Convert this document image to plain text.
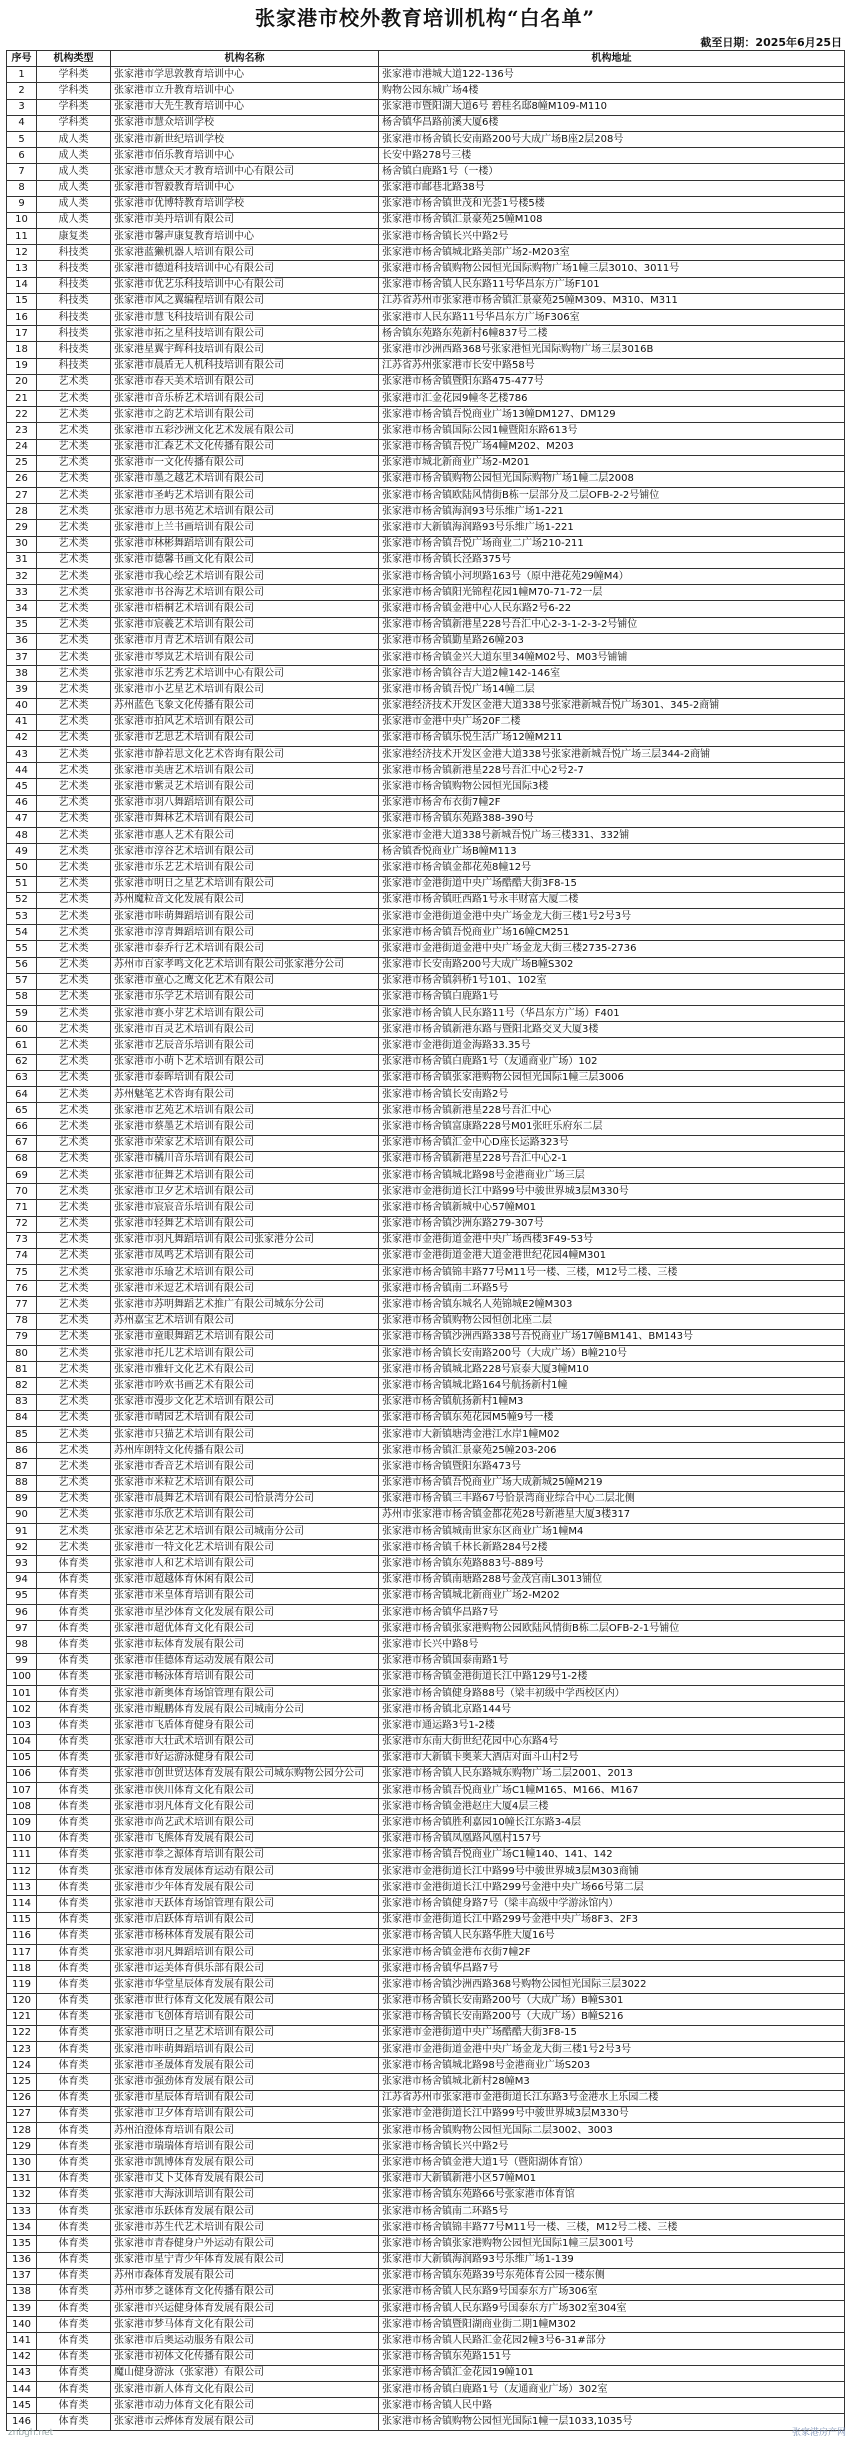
张家港市校外教育培训机构“白名单”
截至日期：2025年6月25日
序号	机构类型	机构名称	机构地址
1	学科类	张家港市学思敦教育培训中心	张家港市港城大道122-136号
2	学科类	张家港市立升教育培训中心	购物公园东城广场4楼
3	学科类	张家港市大先生教育培训中心	张家港市暨阳湖大道6号 碧桂名邸8幢M109-M110
4	学科类	张家港市慧众培训学校	杨舍镇华昌路前溪大厦6楼
5	成人类	张家港市新世纪培训学校	张家港市杨舍镇长安南路200号大成广场B座2层208号
6	成人类	张家港市佰乐教育培训中心	长安中路278号三楼
7	成人类	张家港市慧众天才教育培训中心有限公司	杨舍镇白鹿路1号（一楼）
8	成人类	张家港市智毅教育培训中心	张家港市邮巷北路38号
9	成人类	张家港市优博特教育培训学校	张家港市杨舍镇世茂和光荟1号楼5楼
10	成人类	张家港市美丹培训有限公司	张家港市杨舍镇汇景豪苑25幢M108
11	康复类	张家港市馨声康复教育培训中心	张家港市杨舍镇长兴中路2号
12	科技类	张家港蓝獭机器人培训有限公司	张家港市杨舍镇城北路美部广场2-M203室
13	科技类	张家港市德道科技培训中心有限公司	张家港市杨舍镇购物公园恒光国际购物广场1幢三层3010、3011号
14	科技类	张家港市优艺乐科技培训中心有限公司	张家港市杨舍镇人民东路11号华昌东方广场F101
15	科技类	张家港市风之翼编程培训有限公司	江苏省苏州市张家港市杨舍镇汇景豪苑25幢M309、M310、M311
16	科技类	张家港市慧飞科技培训有限公司	张家港市人民东路11号华昌东方广场F306室
17	科技类	张家港市拓之星科技培训有限公司	杨舍镇东苑路东苑新村6幢837号二楼
18	科技类	张家港星翼宇辉科技培训有限公司	张家港市沙洲西路368号张家港恒光国际购物广场三层3016B
19	科技类	张家港市晨盾无人机科技培训有限公司	江苏省苏州张家港市长安中路58号
20	艺术类	张家港市春天美术培训有限公司	张家港市杨舍镇暨阳东路475-477号
21	艺术类	张家港市音乐桥艺术培训有限公司	张家港市汇金花园9幢冬艺楼786
22	艺术类	张家港市之韵艺术培训有限公司	张家港市杨舍镇吾悦商业广场13幢DM127、DM129
23	艺术类	张家港市五彩沙洲文化艺术发展有限公司	张家港市杨舍镇国际公园1幢暨阳东路613号
24	艺术类	张家港市汇森艺术文化传播有限公司	张家港市杨舍镇吾悦广场4幢M202、M203
25	艺术类	张家港市一文化传播有限公司	张家港市城北新商业广场2-M201
26	艺术类	张家港市墨之越艺术培训有限公司	张家港市杨舍镇购物公园恒光国际购物广场1幢二层2008
27	艺术类	张家港市圣屿艺术培训有限公司	张家港市杨舍镇欧陆风情街B栋一层部分及二层OFB-2-2号铺位
28	艺术类	张家港市力思书苑艺术培训有限公司	张家港市杨舍镇海润93号乐维广场1-221
29	艺术类	张家港市上兰书画培训有限公司	张家港市大新镇海润路93号乐维广场1-221
30	艺术类	张家港市林彬舞蹈培训有限公司	张家港市杨舍镇吾悦广场商业二广场210-211
31	艺术类	张家港市德馨书画文化有限公司	张家港市杨舍镇长泾路375号
32	艺术类	张家港市我心绘艺术培训有限公司	张家港市杨舍镇小河坝路163号（原中港花苑29幢M4）
33	艺术类	张家港市书谷海艺术培训有限公司	张家港市杨舍镇阳光锦程花园1幢M70-71-72一层
34	艺术类	张家港市梧桐艺术培训有限公司	张家港市杨舍镇金港中心人民东路2号6-22
35	艺术类	张家港市宸羲艺术培训有限公司	张家港市杨舍镇新港星228号吾汇中心2-3-1-2-3-2号铺位
36	艺术类	张家港市月青艺术培训有限公司	张家港市杨舍镇勤星路26幢203
37	艺术类	张家港市琴岚艺术培训有限公司	张家港市杨舍镇金兴大道东里34幢M02号、M03号铺铺
38	艺术类	张家港市乐艺秀艺术培训中心有限公司	张家港市杨舍镇谷吉大道2幢142-146室
39	艺术类	张家港市小艺星艺术培训有限公司	张家港市杨舍镇吾悦广场14幢二层
40	艺术类	苏州蓝色飞象文化传播有限公司	张家港经济技术开发区金港大道338号张家港新城吾悦广场301、345-2商铺
41	艺术类	张家港市拍风艺术培训有限公司	张家港市金港中央广场20F二楼
42	艺术类	张家港市艺思艺术培训有限公司	张家港市杨舍镇乐悦生活广场12幢M211
43	艺术类	张家港市静若思文化艺术咨询有限公司	张家港经济技术开发区金港大道338号张家港新城吾悦广场三层344-2商铺
44	艺术类	张家港市美唐艺术培训有限公司	张家港市杨舍镇新港星228号吾汇中心2号2-7
45	艺术类	张家港市紫灵艺术培训有限公司	张家港市杨舍镇购物公园恒光国际3楼
46	艺术类	张家港市羽八舞蹈培训有限公司	张家港市杨舍布衣街7幢2F
47	艺术类	张家港市舞林艺术培训有限公司	张家港市杨舍镇东苑路388-390号
48	艺术类	张家港市惠人艺术有限公司	张家港市金港大道338号新城吾悦广场三楼331、332铺
49	艺术类	张家港市淳谷艺术培训有限公司	杨舍镇香悦商业广场B幢M113
50	艺术类	张家港市乐艺艺术培训有限公司	张家港市杨舍镇金都花苑8幢12号
51	艺术类	张家港市明日之星艺术培训有限公司	张家港市金港街道中央广场酷酷大街3F8-15
52	艺术类	苏州魔粒音文化发展有限公司	张家港市杨舍镇旺西路1号永丰财富大厦二楼
53	艺术类	张家港市咔萌舞蹈培训有限公司	张家港市金港街道金港中央广场金龙大街三楼1号2号3号
54	艺术类	张家港市淳青舞蹈培训有限公司	张家港市杨舍镇吾悦商业广场16幢CM251
55	艺术类	张家港市泰乔行艺术培训有限公司	张家港市金港街道金港中央广场金龙大街三楼2735-2736
56	艺术类	苏州市百家孝鸣文化艺术培训有限公司张家港分公司	张家港市长安南路200号大成广场B幢S302
57	艺术类	张家港市童心之鹰文化艺术有限公司	张家港市杨舍镇斜桥1号101、102室
58	艺术类	张家港市乐学艺术培训有限公司	张家港市杨舍镇白鹿路1号
59	艺术类	张家港市赛小芽艺术培训有限公司	张家港市杨舍镇人民东路11号（华昌东方广场）F401
60	艺术类	张家港市百灵艺术培训有限公司	张家港市杨舍镇新港东路与暨阳北路交叉大厦3楼
61	艺术类	张家港市艺辰音乐培训有限公司	张家港市金港街道金海路33.35号
62	艺术类	张家港市小萌卜艺术培训有限公司	张家港市杨舍镇白鹿路1号（友通商业广场）102
63	艺术类	张家港市泰晖培训有限公司	张家港市杨舍镇张家港购物公园恒光国际1幢三层3006
64	艺术类	苏州魅笔艺术咨询有限公司	张家港市杨舍镇长安南路2号
65	艺术类	张家港市艺苑艺术培训有限公司	张家港市杨舍镇新港星228号吾汇中心
66	艺术类	张家港市蔡墨艺术培训有限公司	张家港市杨舍镇富康路228号M01张旺乐府东二层
67	艺术类	张家港市荣家艺术培训有限公司	张家港市杨舍镇汇金中心D座长运路323号
68	艺术类	张家港市橘川音乐培训有限公司	张家港市杨舍镇新港星228号吾汇中心2-1
69	艺术类	张家港市征舞艺术培训有限公司	张家港市杨舍镇城北路98号金港商业广场三层
70	艺术类	张家港市卫夕艺术培训有限公司	张家港市金港街道长江中路99号中骏世界城3层M330号
71	艺术类	张家港市宸宸音乐培训有限公司	张家港市杨舍镇新城中心57幢M01
72	艺术类	张家港市轻舞艺术培训有限公司	张家港市杨舍镇沙洲东路279-307号
73	艺术类	张家港市羽凡舞蹈培训有限公司张家港分公司	张家港市金港街道金港中央广场西楼3F49-53号
74	艺术类	张家港市凤鸣艺术培训有限公司	张家港市金港街道金港大道金港世纪花园4幢M301
75	艺术类	张家港市乐瑜艺术培训有限公司	张家港市杨舍镇锦丰路77号M11号一楼、三楼，M12号二楼、三楼
76	艺术类	张家港市米逗艺术培训有限公司	张家港市杨舍镇南二环路5号
77	艺术类	张家港市苏明舞蹈艺术推广有限公司城东分公司	张家港市杨舍镇东城名人苑锦城E2幢M303
78	艺术类	苏州嘉宝艺术培训有限公司	张家港市杨舍镇购物公园恒创北座二层
79	艺术类	张家港市童眼舞蹈艺术培训有限公司	张家港市杨舍镇沙洲西路338号吾悦商业广场17幢BM141、BM143号
80	艺术类	张家港市托儿艺术培训有限公司	张家港市杨舍镇长安南路200号（大成广场）B幢210号
81	艺术类	张家港市雅轩文化艺术有限公司	张家港市杨舍镇城北路228号宸泰大厦3幢M10
82	艺术类	张家港市吟欢书画艺术有限公司	张家港市杨舍镇城北路164号航扬新村1幢
83	艺术类	张家港市漫步文化艺术培训有限公司	张家港市杨舍镇航扬新村1幢M3
84	艺术类	张家港市晴园艺术培训有限公司	张家港市杨舍镇东苑花园M5幢9号一楼
85	艺术类	张家港市只猫艺术培训有限公司	张家港市大新镇塘湾金港江水岸1幢M02
86	艺术类	苏州库朗特文化传播有限公司	张家港市杨舍镇汇景豪苑25幢203-206
87	艺术类	张家港市香音艺术培训有限公司	张家港市杨舍镇暨阳东路473号
88	艺术类	张家港市米粒艺术培训有限公司	张家港市杨舍镇吾悦商业广场大成新城25幢M219
89	艺术类	张家港市晨舞艺术培训有限公司恰景湾分公司	张家港市杨舍镇三丰路67号恰景湾商业综合中心二层北侧
90	艺术类	张家港市乐欣艺术培训有限公司	苏州市张家港市杨舍镇金都花苑28号新港星大厦3楼317
91	艺术类	张家港市朵艺艺术培训有限公司城南分公司	张家港市杨舍镇城南世家东区商业广场1幢M4
92	艺术类	张家港市一特文化艺术培训有限公司	张家港市杨舍镇千林长新路284号2楼
93	体育类	张家港市人和艺术培训有限公司	张家港市杨舍镇东苑路883号-889号
94	体育类	张家港市超越体育休闲有限公司	张家港市杨舍镇南塘路288号金茂宫南L3013铺位
95	体育类	张家港市米皇体育培训有限公司	张家港市杨舍镇城北新商业广场2-M202
96	体育类	张家港市星沙体育文化发展有限公司	张家港市杨舍镇华昌路7号
97	体育类	张家港市超优体育文化有限公司	张家港市杨舍镇张家港购物公园欧陆风情街B栋二层OFB-2-1号铺位
98	体育类	张家港市耘体育发展有限公司	张家港市长兴中路8号
99	体育类	张家港市佳德体育运动发展有限公司	张家港市杨舍镇国泰南路1号
100	体育类	张家港市畅泳体育培训有限公司	张家港市杨舍镇金港街道长江中路129号1-2楼
101	体育类	张家港市新奥体育场馆管理有限公司	张家港市杨舍镇健身路88号（梁丰初级中学西校区内）
102	体育类	张家港市鲲鹏体育发展有限公司城南分公司	张家港市杨舍镇北京路144号
103	体育类	张家港市飞盾体育健身有限公司	张家港市通运路3号1-2楼
104	体育类	张家港市大壮武术培训有限公司	张家港市东南大街世纪花园中心东路4号
105	体育类	张家港市好运游泳健身有限公司	张家港市大新镇卡奥莱大酒店对面斗山村2号
106	体育类	张家港市创世贸达体育发展有限公司城东购物公园分公司	张家港市杨舍镇人民东路城东购物广场二层2001、2013
107	体育类	张家港市侠川体育文化有限公司	张家港市杨舍镇吾悦商业广场C1幢M165、M166、M167
108	体育类	张家港市羽凡体育文化有限公司	张家港市杨舍镇金港赵庄大厦4层三楼
109	体育类	张家港市尚艺武术培训有限公司	张家港市杨舍镇胜利嘉园10幢长江东路3-4层
110	体育类	张家港市飞熊体育发展有限公司	张家港市杨舍镇凤凰路风凰村157号
111	体育类	张家港市拳之源体育培训有限公司	张家港市杨舍镇吾悦商业广场C1幢140、141、142
112	体育类	张家港市体育发展体育运动有限公司	张家港市金港街道长江中路99号中骏世界城3层M303商铺
113	体育类	张家港市少年体育发展有限公司	张家港市金港街道长江中路299号金港中央广场66号第二层
114	体育类	张家港市天跃体育场馆管理有限公司	张家港市杨舍镇健身路7号（梁丰高级中学游泳馆内）
115	体育类	张家港市启跃体育培训有限公司	张家港市金港街道长江中路299号金港中央广场8F3、2F3
116	体育类	张家港市杨林体育发展有限公司	张家港市杨舍镇人民东路华胜大厦16号
117	体育类	张家港市羽凡舞蹈培训有限公司	张家港市杨舍镇金港布衣街7幢2F
118	体育类	张家港市运美体育俱乐部有限公司	张家港市杨舍镇华昌路7号
119	体育类	张家港市华堂星辰体育发展有限公司	张家港市杨舍镇沙洲西路368号购物公园恒光国际三层3022
120	体育类	张家港市世行体育文化发展有限公司	张家港市杨舍镇长安南路200号（大成广场）B幢S301
121	体育类	张家港市飞创体育培训有限公司	张家港市杨舍镇长安南路200号（大成广场）B幢S216
122	体育类	张家港市明日之星艺术培训有限公司	张家港市金港街道中央广场酷酷大街3F8-15
123	体育类	张家港市咔萌舞蹈培训有限公司	张家港市金港街道金港中央广场金龙大街三楼1号2号3号
124	体育类	张家港市圣晟体育发展有限公司	张家港市杨舍镇城北路98号金港商业广场S203
125	体育类	张家港市强劲体育发展有限公司	张家港市杨舍镇城北新村28幢M3
126	体育类	张家港市星辰体育培训有限公司	江苏省苏州市张家港市金港街道长江东路3号金港水上乐园二楼
127	体育类	张家港市卫夕体育培训有限公司	张家港市金港街道长江中路99号中骏世界城3层M330号
128	体育类	苏州泊澄体育培训有限公司	张家港市杨舍镇购物公园恒光国际二层3002、3003
129	体育类	张家港市瑞瑞体育培训有限公司	张家港市杨舍镇长兴中路2号
130	体育类	张家港市凯博体育发展有限公司	张家港市杨舍镇金港大道1号（暨阳湖体育馆）
131	体育类	张家港市艾卜艾体育发展有限公司	张家港市大新镇新港小区57幢M01
132	体育类	张家港市大海泳训培训有限公司	张家港市杨舍镇东苑路66号张家港市体育馆
133	体育类	张家港市乐跃体育发展有限公司	张家港市杨舍镇南二环路5号
134	体育类	张家港市苏生代艺术培训有限公司	张家港市杨舍镇锦丰路77号M11号一楼、三楼，M12号二楼、三楼
135	体育类	张家港市青春健身户外运动有限公司	张家港市杨舍镇张家港购物公园恒光国际1幢三层3001号
136	体育类	张家港市星宁青少年体育发展有限公司	张家港市大新镇海润路93号乐维广场1-139
137	体育类	苏州市森体育发展有限公司	张家港市杨舍镇东苑路39号东苑体育公园一楼东侧
138	体育类	苏州市梦之谜体育文化传播有限公司	张家港市杨舍镇人民东路9号国泰东方广场306室
139	体育类	张家港市兴运健身体育发展有限公司	张家港市杨舍镇人民东路9号国泰东方广场302室304室
140	体育类	张家港市梦马体育文化有限公司	张家港市杨舍镇暨阳湖商业街二期1幢M302
141	体育类	张家港市后奥运动服务有限公司	张家港市杨舍镇人民路汇金花园2幢3号6-31#部分
142	体育类	张家港市初体文化传播有限公司	张家港市杨舍镇东苑路151号
143	体育类	魔山健身游泳（张家港）有限公司	张家港市杨舍镇汇金花园19幢101
144	体育类	张家港市新人体育文化有限公司	张家港市杨舍镇白鹿路1号（友通商业广场）302室
145	体育类	张家港市动力体育文化有限公司	张家港市杨舍镇人民中路
146	体育类	张家港市云烨体育发展有限公司	张家港市杨舍镇购物公园恒光国际1幢一层1033,1035号
znbgh.net	张家港房产网
